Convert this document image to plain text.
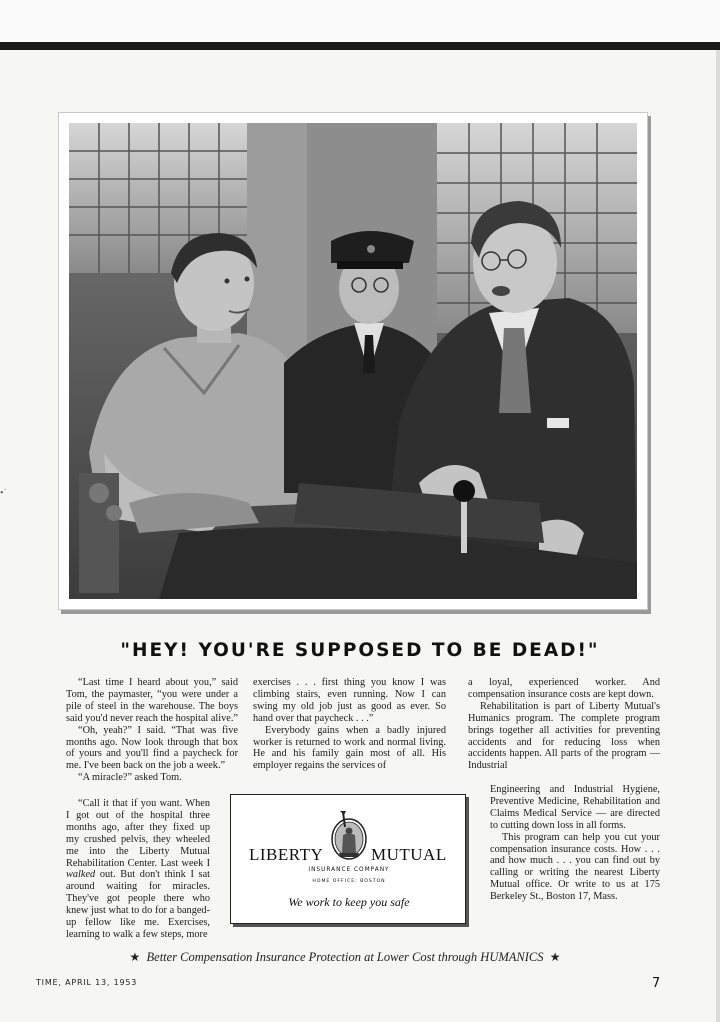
•ʿ
"HEY! YOU'RE SUPPOSED TO BE DEAD!"

“Last time I heard about you,” said Tom, the paymaster, “you were under a pile of steel in the warehouse. The boys said you'd never reach the hospital alive.”

“Oh, yeah?” I said. “That was five months ago. Now look through that box of yours and you'll find a paycheck for me. I've been back on the job a week.”

“A miracle?” asked Tom.

“Call it that if you want. When I got out of the hospital three months ago, after they fixed up my crushed pelvis, they wheeled me into the Liberty Mutual Rehabilitation Center. Last week I walked out. But don't think I sat around waiting for miracles. They've got people there who knew just what to do for a banged-up fellow like me. Exercises, learning to walk a few steps, more

exercises . . . first thing you know I was climbing stairs, even running. Now I can swing my old job just as good as ever. So hand over that paycheck . . .”

Everybody gains when a badly injured worker is returned to work and normal living. He and his family gain most of all. His employer regains the services of

a loyal, experienced worker. And compensation insurance costs are kept down.

Rehabilitation is part of Liberty Mutual's Humanics program. The complete program brings together all activities for preventing accidents and for reducing loss when accidents happen. All parts of the program — Industrial

Engineering and Industrial Hygiene, Preventive Medicine, Rehabilitation and Claims Medical Service — are directed to cutting down loss in all forms.

This program can help you cut your compensation insurance costs. How . . . and how much . . . you can find out by calling or writing the nearest Liberty Mutual office. Or write to us at 175 Berkeley St., Boston 17, Mass.

LIBERTY	MUTUAL
INSURANCE COMPANY
HOME OFFICE: BOSTON
We work to keep you safe
★ Better Compensation Insurance Protection at Lower Cost through HUMANICS ★
TIME, APRIL 13, 1953	7
